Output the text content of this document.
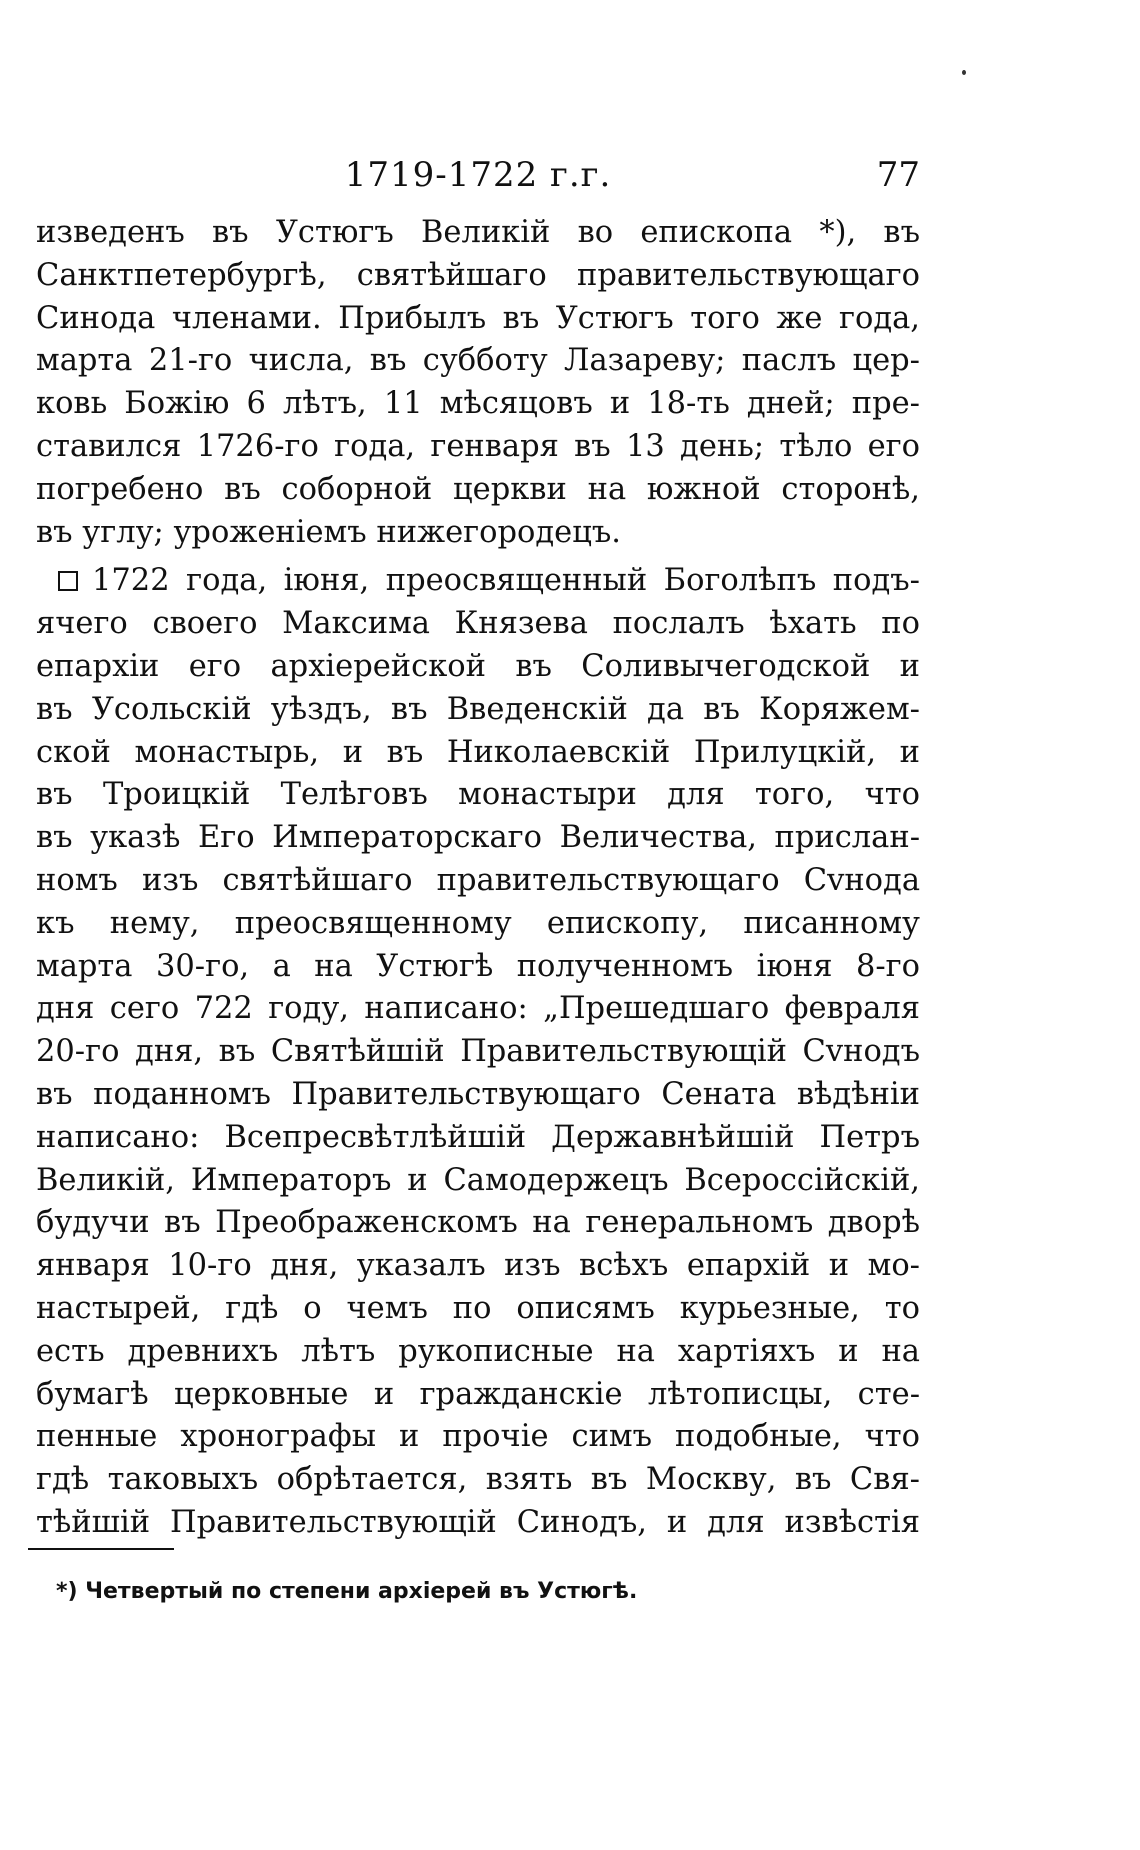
1719-1722 г.г.	77
изведенъ въ Устюгъ Великій во епископа *), въ
Санктпетербургѣ, святѣйшаго правительствующаго
Синода членами. Прибылъ въ Устюгъ того же года,
марта 21-го числа, въ субботу Лазареву; паслъ цер-
ковь Божію 6 лѣтъ, 11 мѣсяцовъ и 18-ть дней; пре-
ставился 1726-го года, генваря въ 13 день; тѣло его
погребено въ соборной церкви на южной сторонѣ,
въ углу; уроженіемъ нижегородецъ.
1722 года, іюня, преосвященный Боголѣпъ подъ-
ячего своего Максима Князева послалъ ѣхать по
епархіи его архіерейской въ Соливычегодской и
въ Усольскій уѣздъ, въ Введенскій да въ Коряжем-
ской монастырь, и въ Николаевскій Прилуцкій, и
въ Троицкій Телѣговъ монастыри для того, что
въ указѣ Его Императорскаго Величества, прислан-
номъ изъ святѣйшаго правительствующаго Сvнода
къ нему, преосвященному епископу, писанному
марта 30-го, а на Устюгѣ полученномъ іюня 8-го
дня сего 722 году, написано: „Прешедшаго февраля
20-го дня, въ Святѣйшій Правительствующій Сvнодъ
въ поданномъ Правительствующаго Сената вѣдѣніи
написано: Всепресвѣтлѣйшій Державнѣйшій Петръ
Великій, Императоръ и Самодержецъ Всероссійскій,
будучи въ Преображенскомъ на генеральномъ дворѣ
января 10-го дня, указалъ изъ всѣхъ епархій и мо-
настырей, гдѣ о чемъ по описямъ курьезные, то
есть древнихъ лѣтъ рукописные на хартіяхъ и на
бумагѣ церковные и гражданскіе лѣтописцы, сте-
пенные хронографы и прочіе симъ подобные, что
гдѣ таковыхъ обрѣтается, взять въ Москву, въ Свя-
тѣйшій Правительствующій Синодъ, и для извѣстія
*) Четвертый по степени архіерей въ Устюгѣ.
